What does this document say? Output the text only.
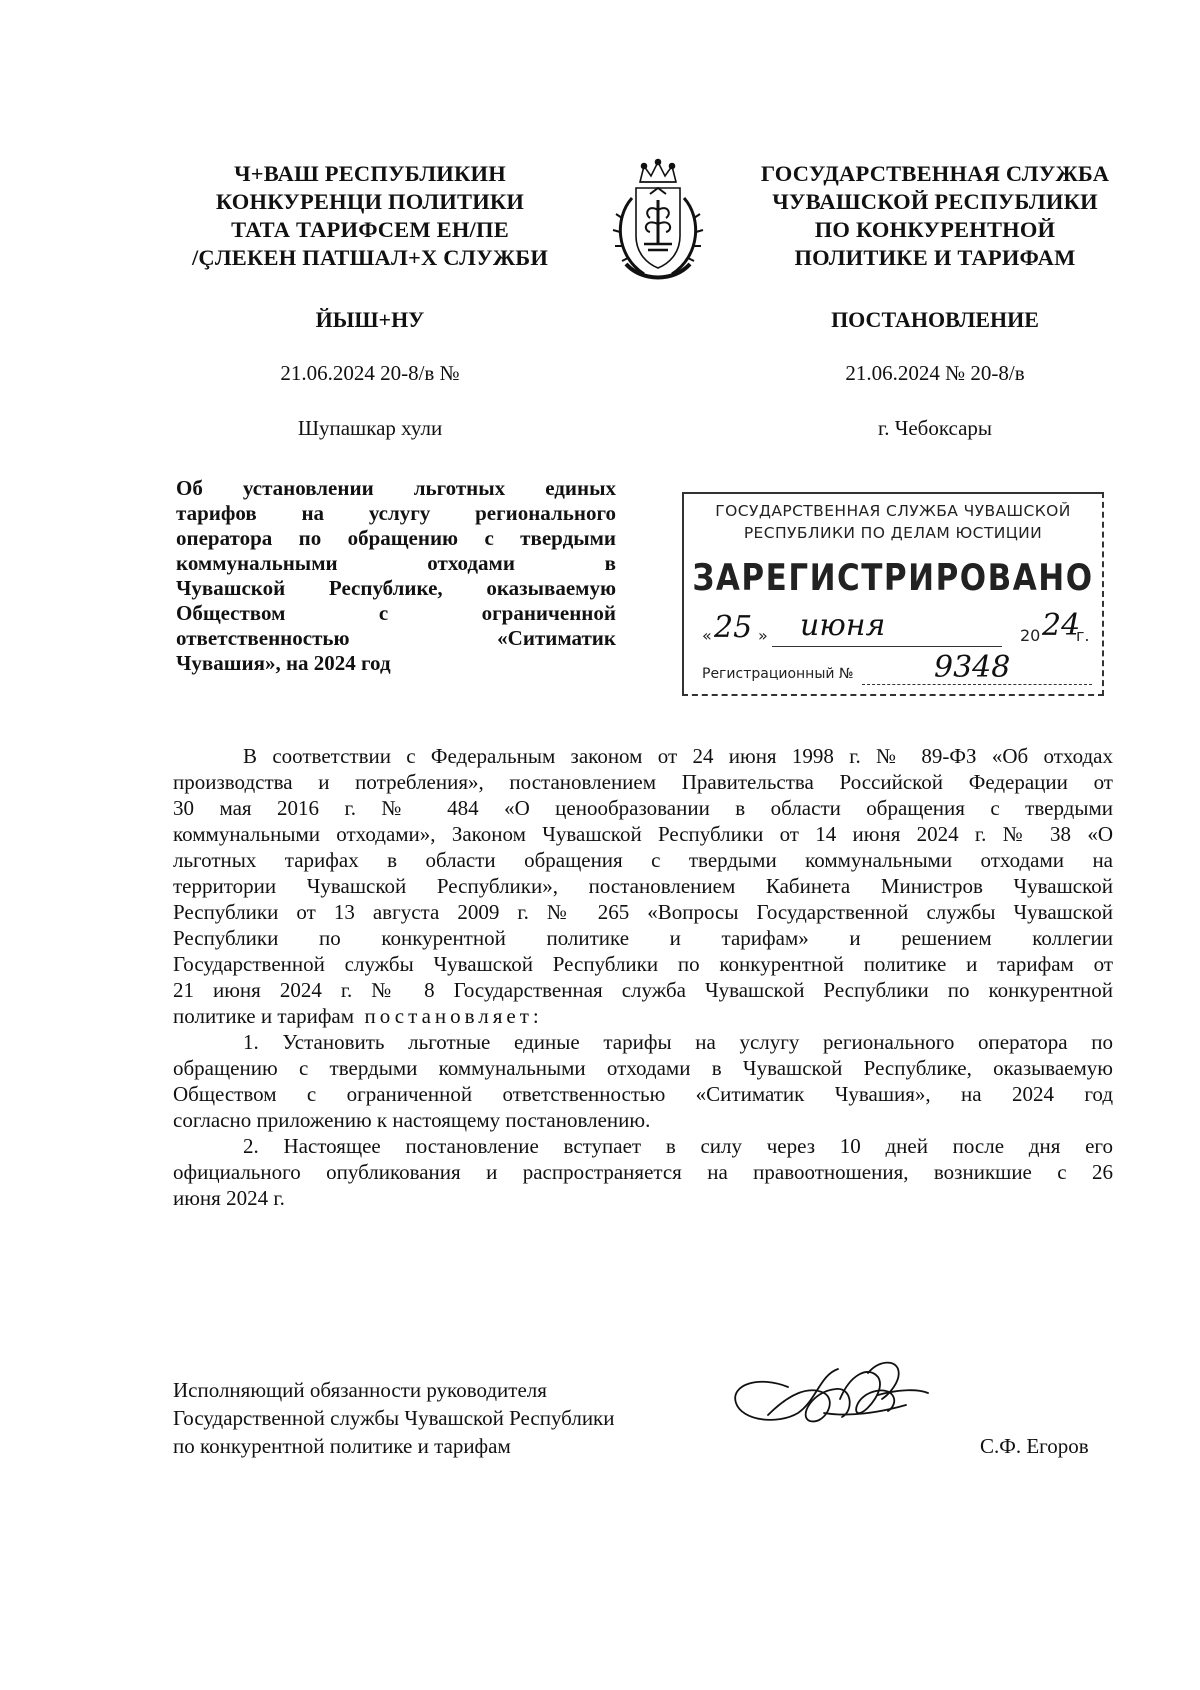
Ч+ВАШ РЕСПУБЛИКИН
КОНКУРЕНЦИ ПОЛИТИКИ
ТАТА ТАРИФСЕМ ЕН/ПЕ
/ÇЛЕКЕН ПАТШАЛ+Х СЛУЖБИ
ГОСУДАРСТВЕННАЯ СЛУЖБА
ЧУВАШСКОЙ РЕСПУБЛИКИ
ПО КОНКУРЕНТНОЙ
ПОЛИТИКЕ И ТАРИФАМ
ЙЫШ+НУ	ПОСТАНОВЛЕНИЕ
21.06.2024 20-8/в №	21.06.2024 № 20-8/в
Шупашкар хули	г. Чебоксары
Об установлении льготных единых
тарифов на услугу регионального
оператора по обращению с твердыми
коммунальными отходами в
Чувашской Республике, оказываемую
Обществом с ограниченной
ответственностью «Ситиматик
Чувашия», на 2024 год
ГОСУДАРСТВЕННАЯ СЛУЖБА ЧУВАШСКОЙ
РЕСПУБЛИКИ ПО ДЕЛАМ ЮСТИЦИИ
ЗАРЕГИСТРИРОВАНО
« 25 » июня	20 24
г.
Регистрационный №	9348
В соответствии с Федеральным законом от 24 июня 1998 г. № 89-ФЗ «Об отходах
производства и потребления», постановлением Правительства Российской Федерации от
30 мая 2016 г. № 484 «О ценообразовании в области обращения с твердыми
коммунальными отходами», Законом Чувашской Республики от 14 июня 2024 г. № 38 «О
льготных тарифах в области обращения с твердыми коммунальными отходами на
территории Чувашской Республики», постановлением Кабинета Министров Чувашской
Республики от 13 августа 2009 г. № 265 «Вопросы Государственной службы Чувашской
Республики по конкурентной политике и тарифам» и решением коллегии
Государственной службы Чувашской Республики по конкурентной политике и тарифам от
21 июня 2024 г. № 8 Государственная служба Чувашской Республики по конкурентной
политике и тарифам постановляет:
1. Установить льготные единые тарифы на услугу регионального оператора по
обращению с твердыми коммунальными отходами в Чувашской Республике, оказываемую
Обществом с ограниченной ответственностью «Ситиматик Чувашия», на 2024 год
согласно приложению к настоящему постановлению.
2. Настоящее постановление вступает в силу через 10 дней после дня его
официального опубликования и распространяется на правоотношения, возникшие с 26
июня 2024 г.
Исполняющий обязанности руководителя
Государственной службы Чувашской Республики
по конкурентной политике и тарифам	С.Ф. Егоров
